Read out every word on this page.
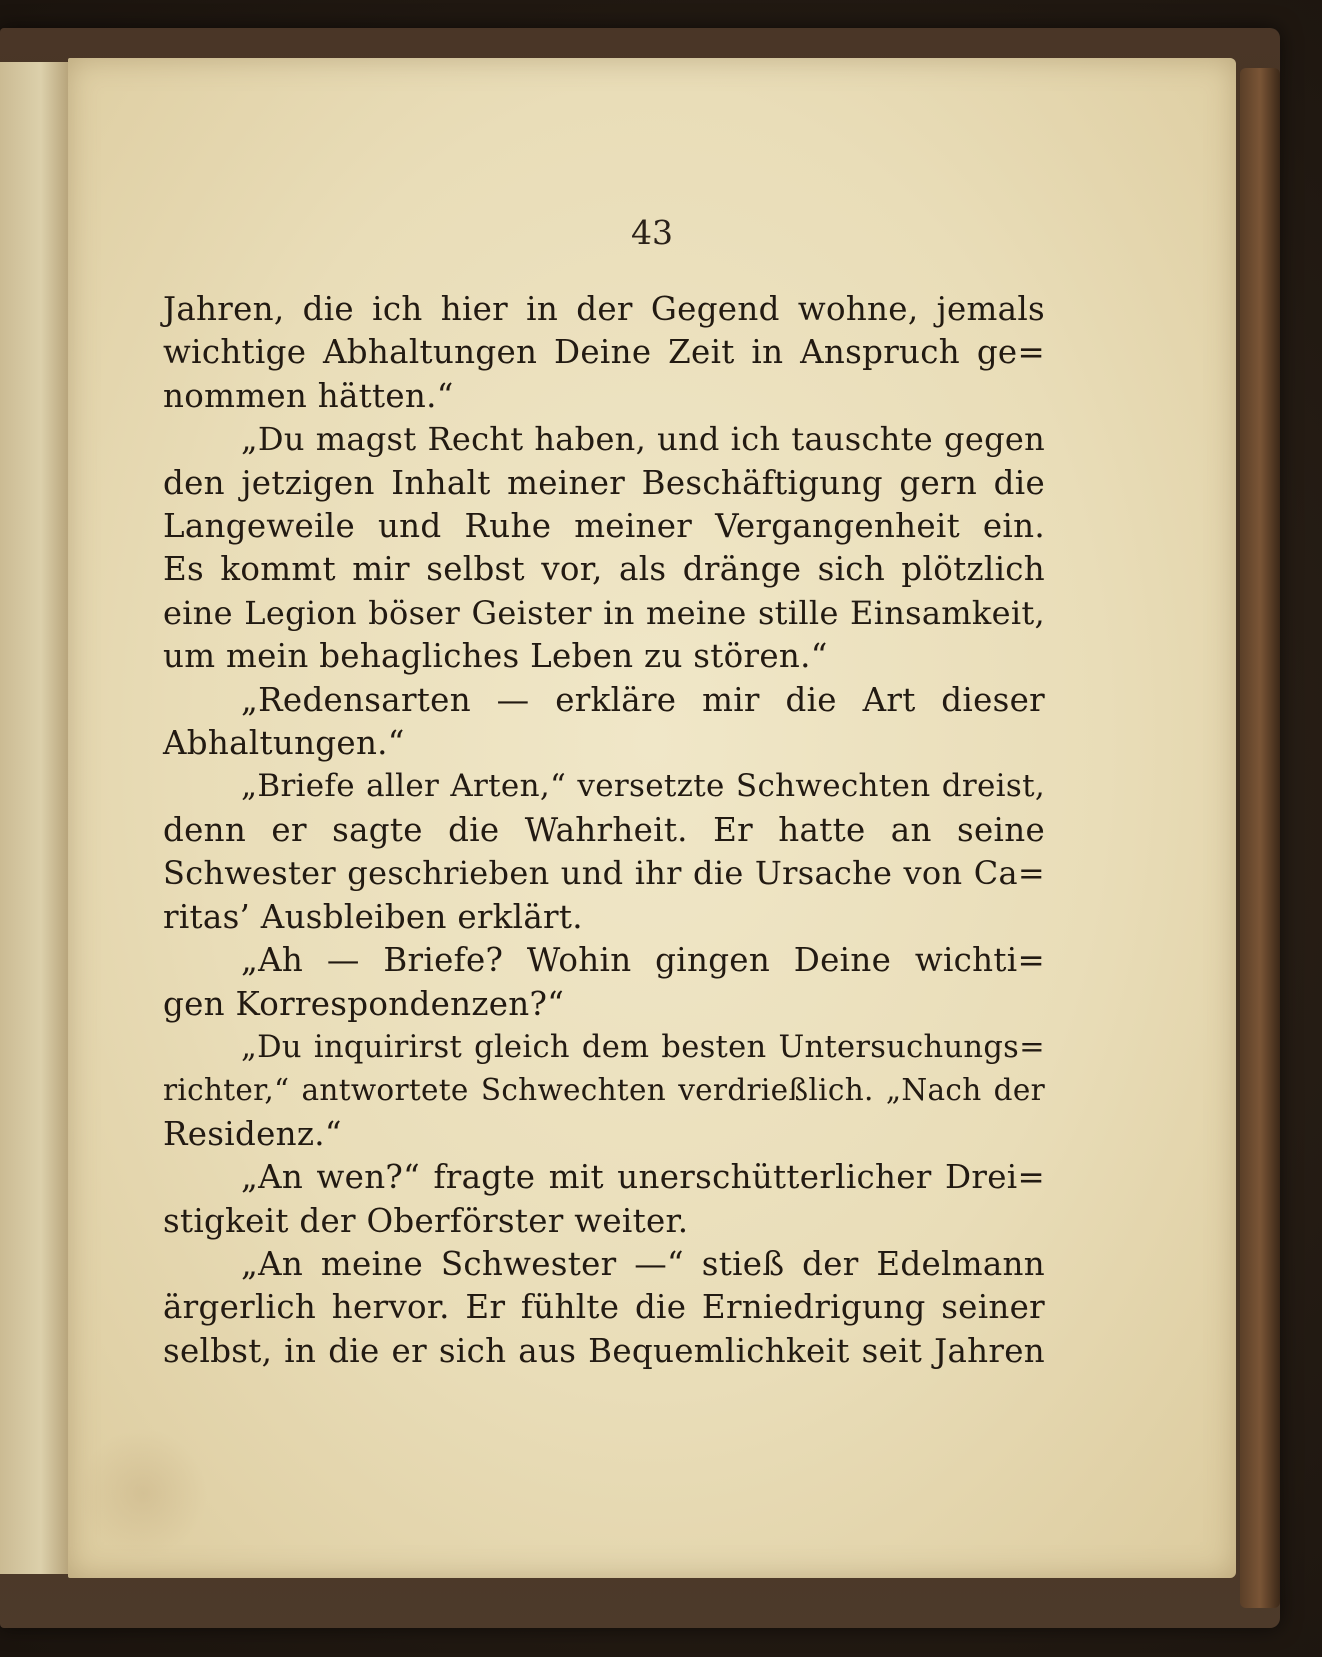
43
Jahren, die ich hier in der Gegend wohne, jemals
wichtige Abhaltungen Deine Zeit in Anspruch ge=
nommen hätten.“
„Du magst Recht haben, und ich tauschte gegen
den jetzigen Inhalt meiner Beschäftigung gern die
Langeweile und Ruhe meiner Vergangenheit ein.
Es kommt mir selbst vor, als dränge sich plötzlich
eine Legion böser Geister in meine stille Einsamkeit,
um mein behagliches Leben zu stören.“
„Redensarten — erkläre mir die Art dieser
Abhaltungen.“
„Briefe aller Arten,“ versetzte Schwechten dreist,
denn er sagte die Wahrheit. Er hatte an seine
Schwester geschrieben und ihr die Ursache von Ca=
ritas’ Ausbleiben erklärt.
„Ah — Briefe? Wohin gingen Deine wichti=
gen Korrespondenzen?“
„Du inquirirst gleich dem besten Untersuchungs=
richter,“ antwortete Schwechten verdrießlich. „Nach der
Residenz.“
„An wen?“ fragte mit unerschütterlicher Drei=
stigkeit der Oberförster weiter.
„An meine Schwester —“ stieß der Edelmann
ärgerlich hervor. Er fühlte die Erniedrigung seiner
selbst, in die er sich aus Bequemlichkeit seit Jahren
